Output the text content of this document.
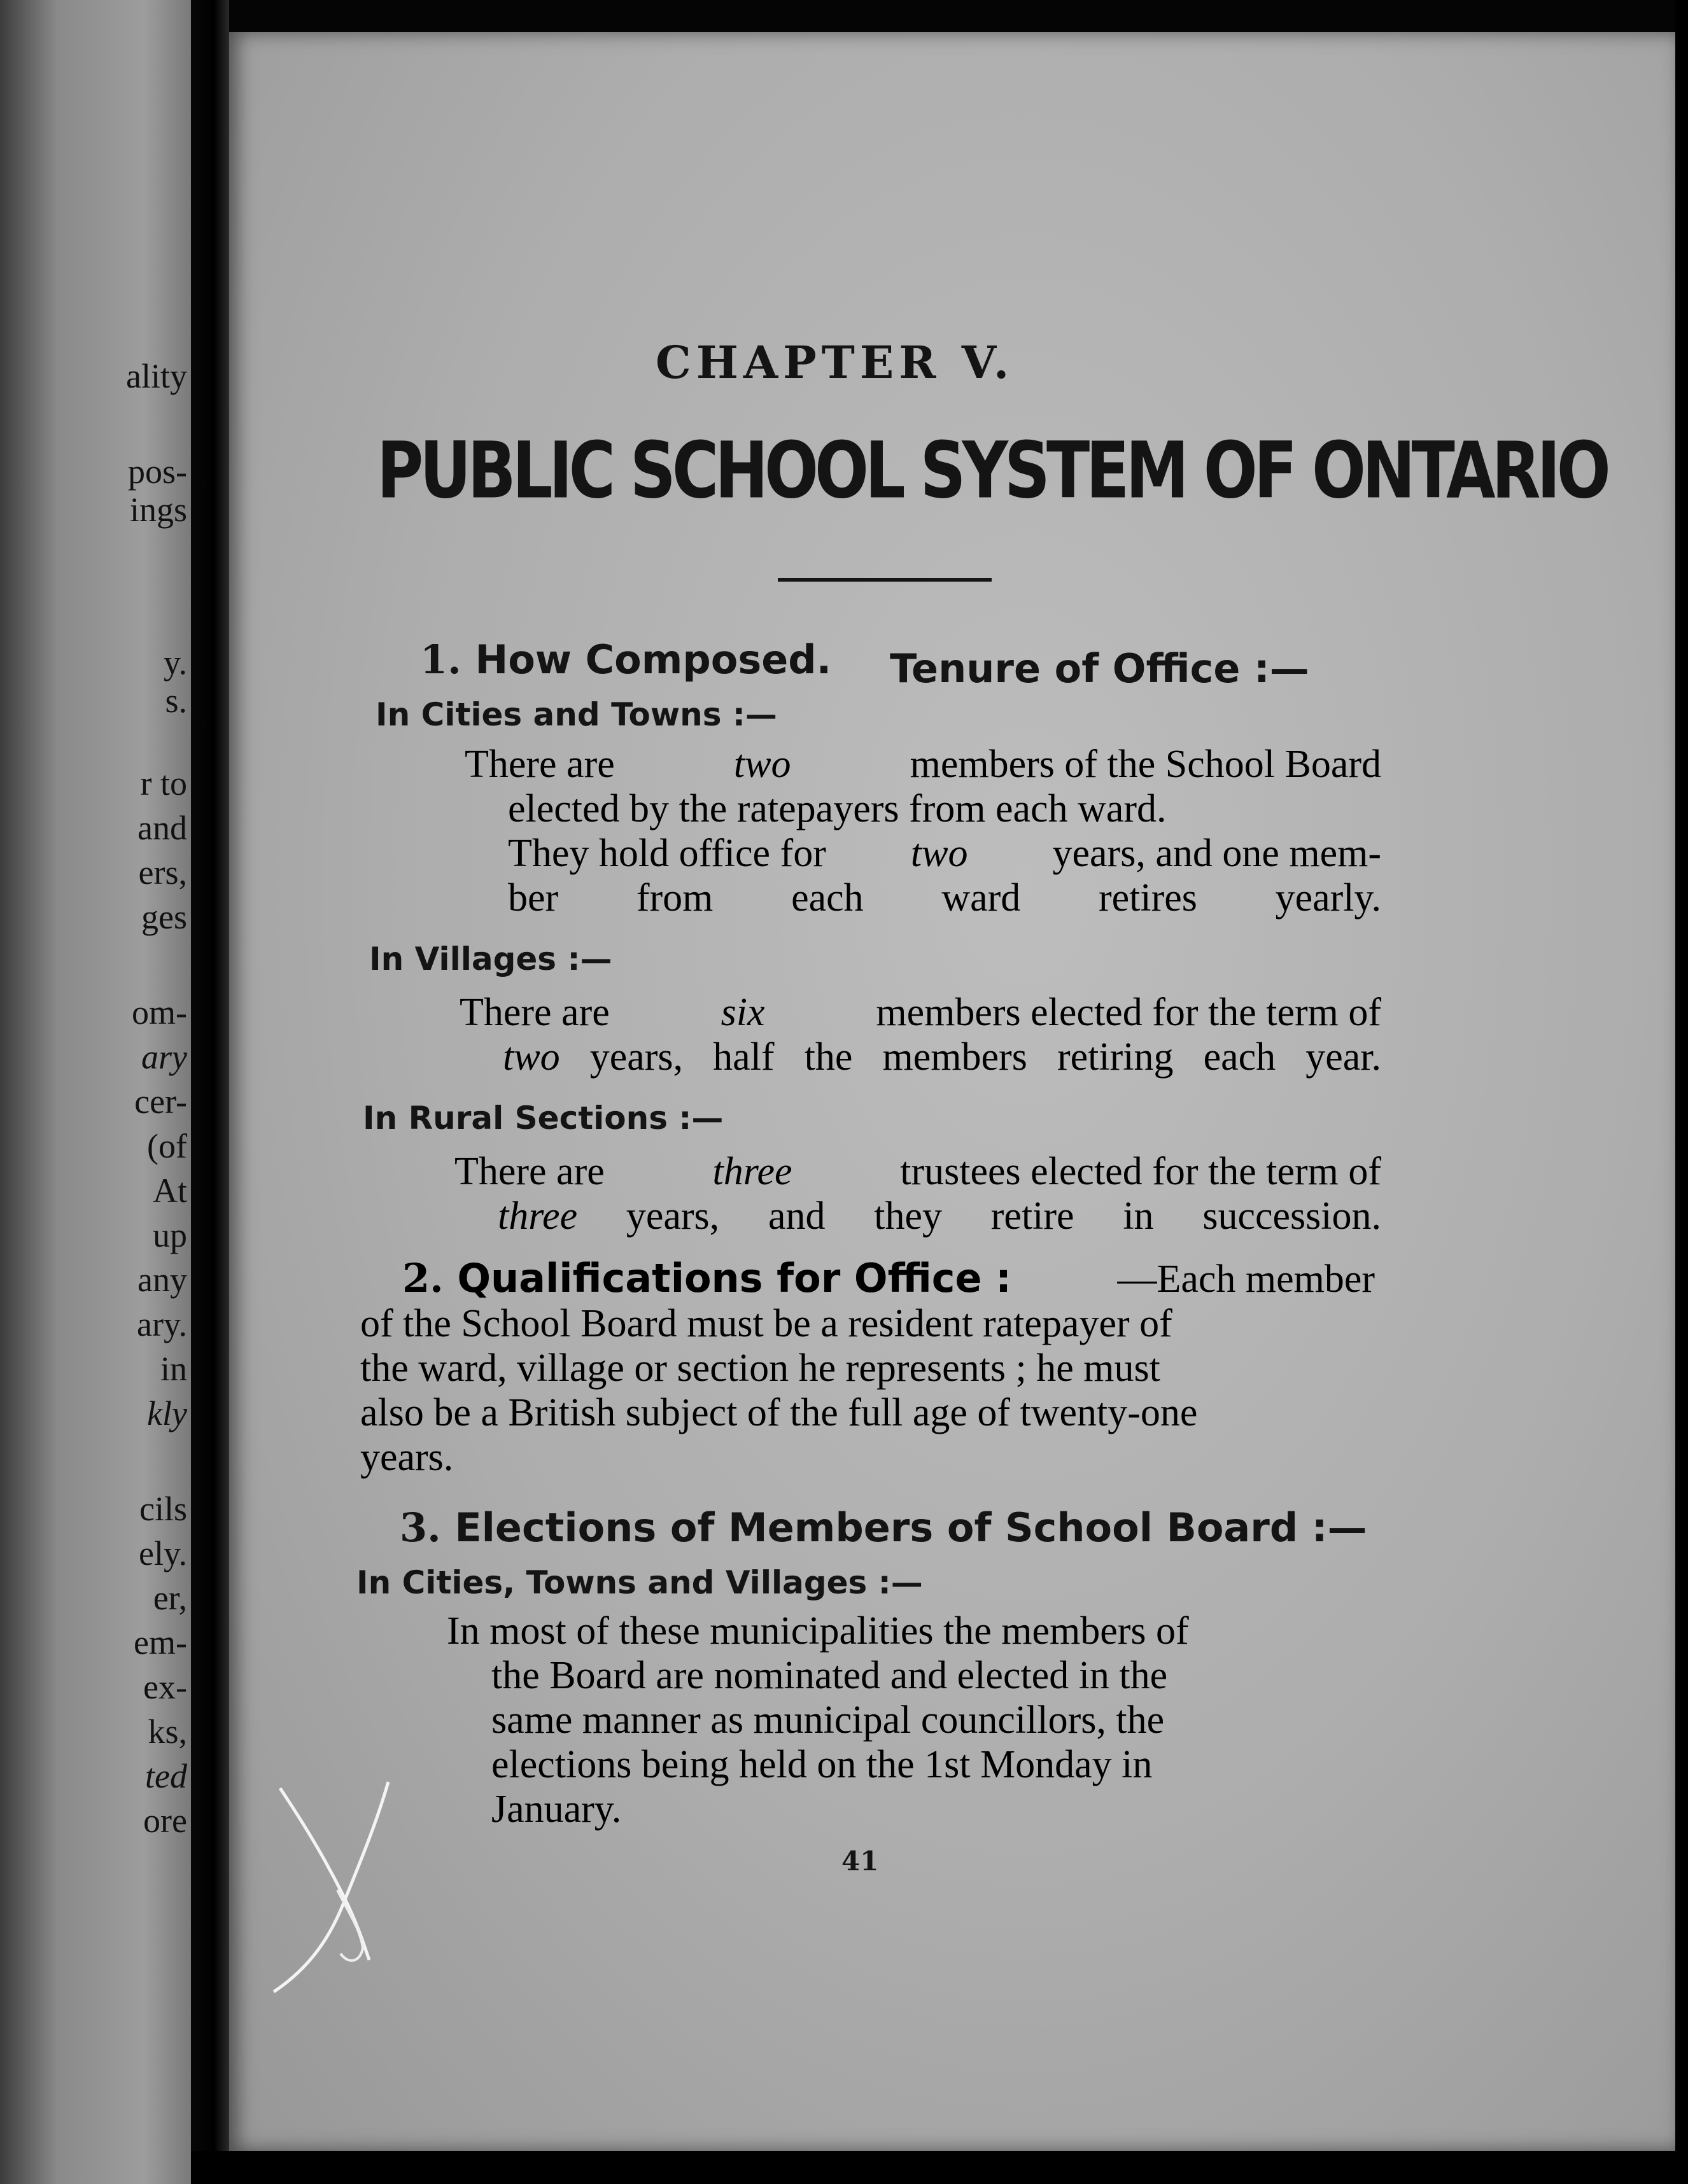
ality
pos-
ings
y.
s.
r to
and
ers,
ges
om-
ary
cer-
(of
At
up
any
ary.
in
kly
cils
ely.
er,
em-
ex-
ks,
ted
ore
CHAPTER V.
PUBLIC SCHOOL SYSTEM OF ONTARIO
1. How Composed. Tenure of Office :—
In Cities and Towns :—
There are	two	members of the School Board
elected by the ratepayers from each ward.
They hold office for two years, and one mem-
ber from each ward retires yearly.
In Villages :—
There are	six	members elected for the term of
two years, half the members retiring each year.
In Rural Sections :—
There are	three	trustees elected for the term of
three years, and they retire in succession.
2. Qualifications for Office :	—Each member
of the School Board must be a resident ratepayer of
the ward, village or section he represents ; he must
also be a British subject of the full age of twenty-one
years.
3. Elections of Members of School Board :—
In Cities, Towns and Villages :—
In most of these municipalities the members of
the Board are nominated and elected in the
same manner as municipal councillors, the
elections being held on the 1st Monday in
January.
41
